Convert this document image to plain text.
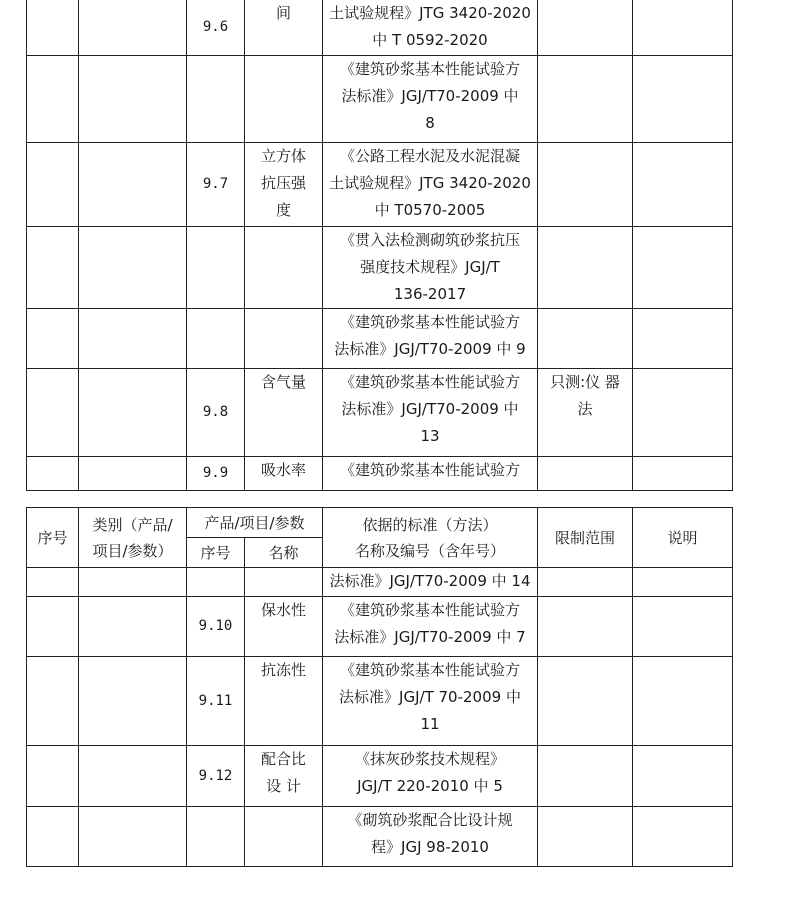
		9.6	间	土试验规程》JTG 3420-2020
中 T 0592-2020		

				《建筑砂浆基本性能试验方
法标准》JGJ/T70-2009 中
8		

		9.7	立方体
抗压强
度	《公路工程水泥及水泥混凝
土试验规程》JTG 3420-2020
中 T0570-2005		

				《贯入法检测砌筑砂浆抗压
强度技术规程》JGJ/T
136-2017		

				《建筑砂浆基本性能试验方
法标准》JGJ/T70-2009 中 9		

		9.8	含气量	《建筑砂浆基本性能试验方
法标准》JGJ/T70-2009 中
13	只测:仪 器
法	

		9.9	吸水率	《建筑砂浆基本性能试验方		

序号	类别（产品/
项目/参数）	产品/项目/参数		依据的标准（方法）
名称及编号（含年号）	限制范围	说明
		序号	名称			

				法标准》JGJ/T70-2009 中 14		

		9.10	保水性	《建筑砂浆基本性能试验方
法标准》JGJ/T70-2009 中 7		

		9.11	抗冻性	《建筑砂浆基本性能试验方
法标准》JGJ/T 70-2009 中
11		

		9.12	配合比
设 计	《抹灰砂浆技术规程》
JGJ/T 220-2010 中 5		

				《砌筑砂浆配合比设计规
程》JGJ 98-2010		
